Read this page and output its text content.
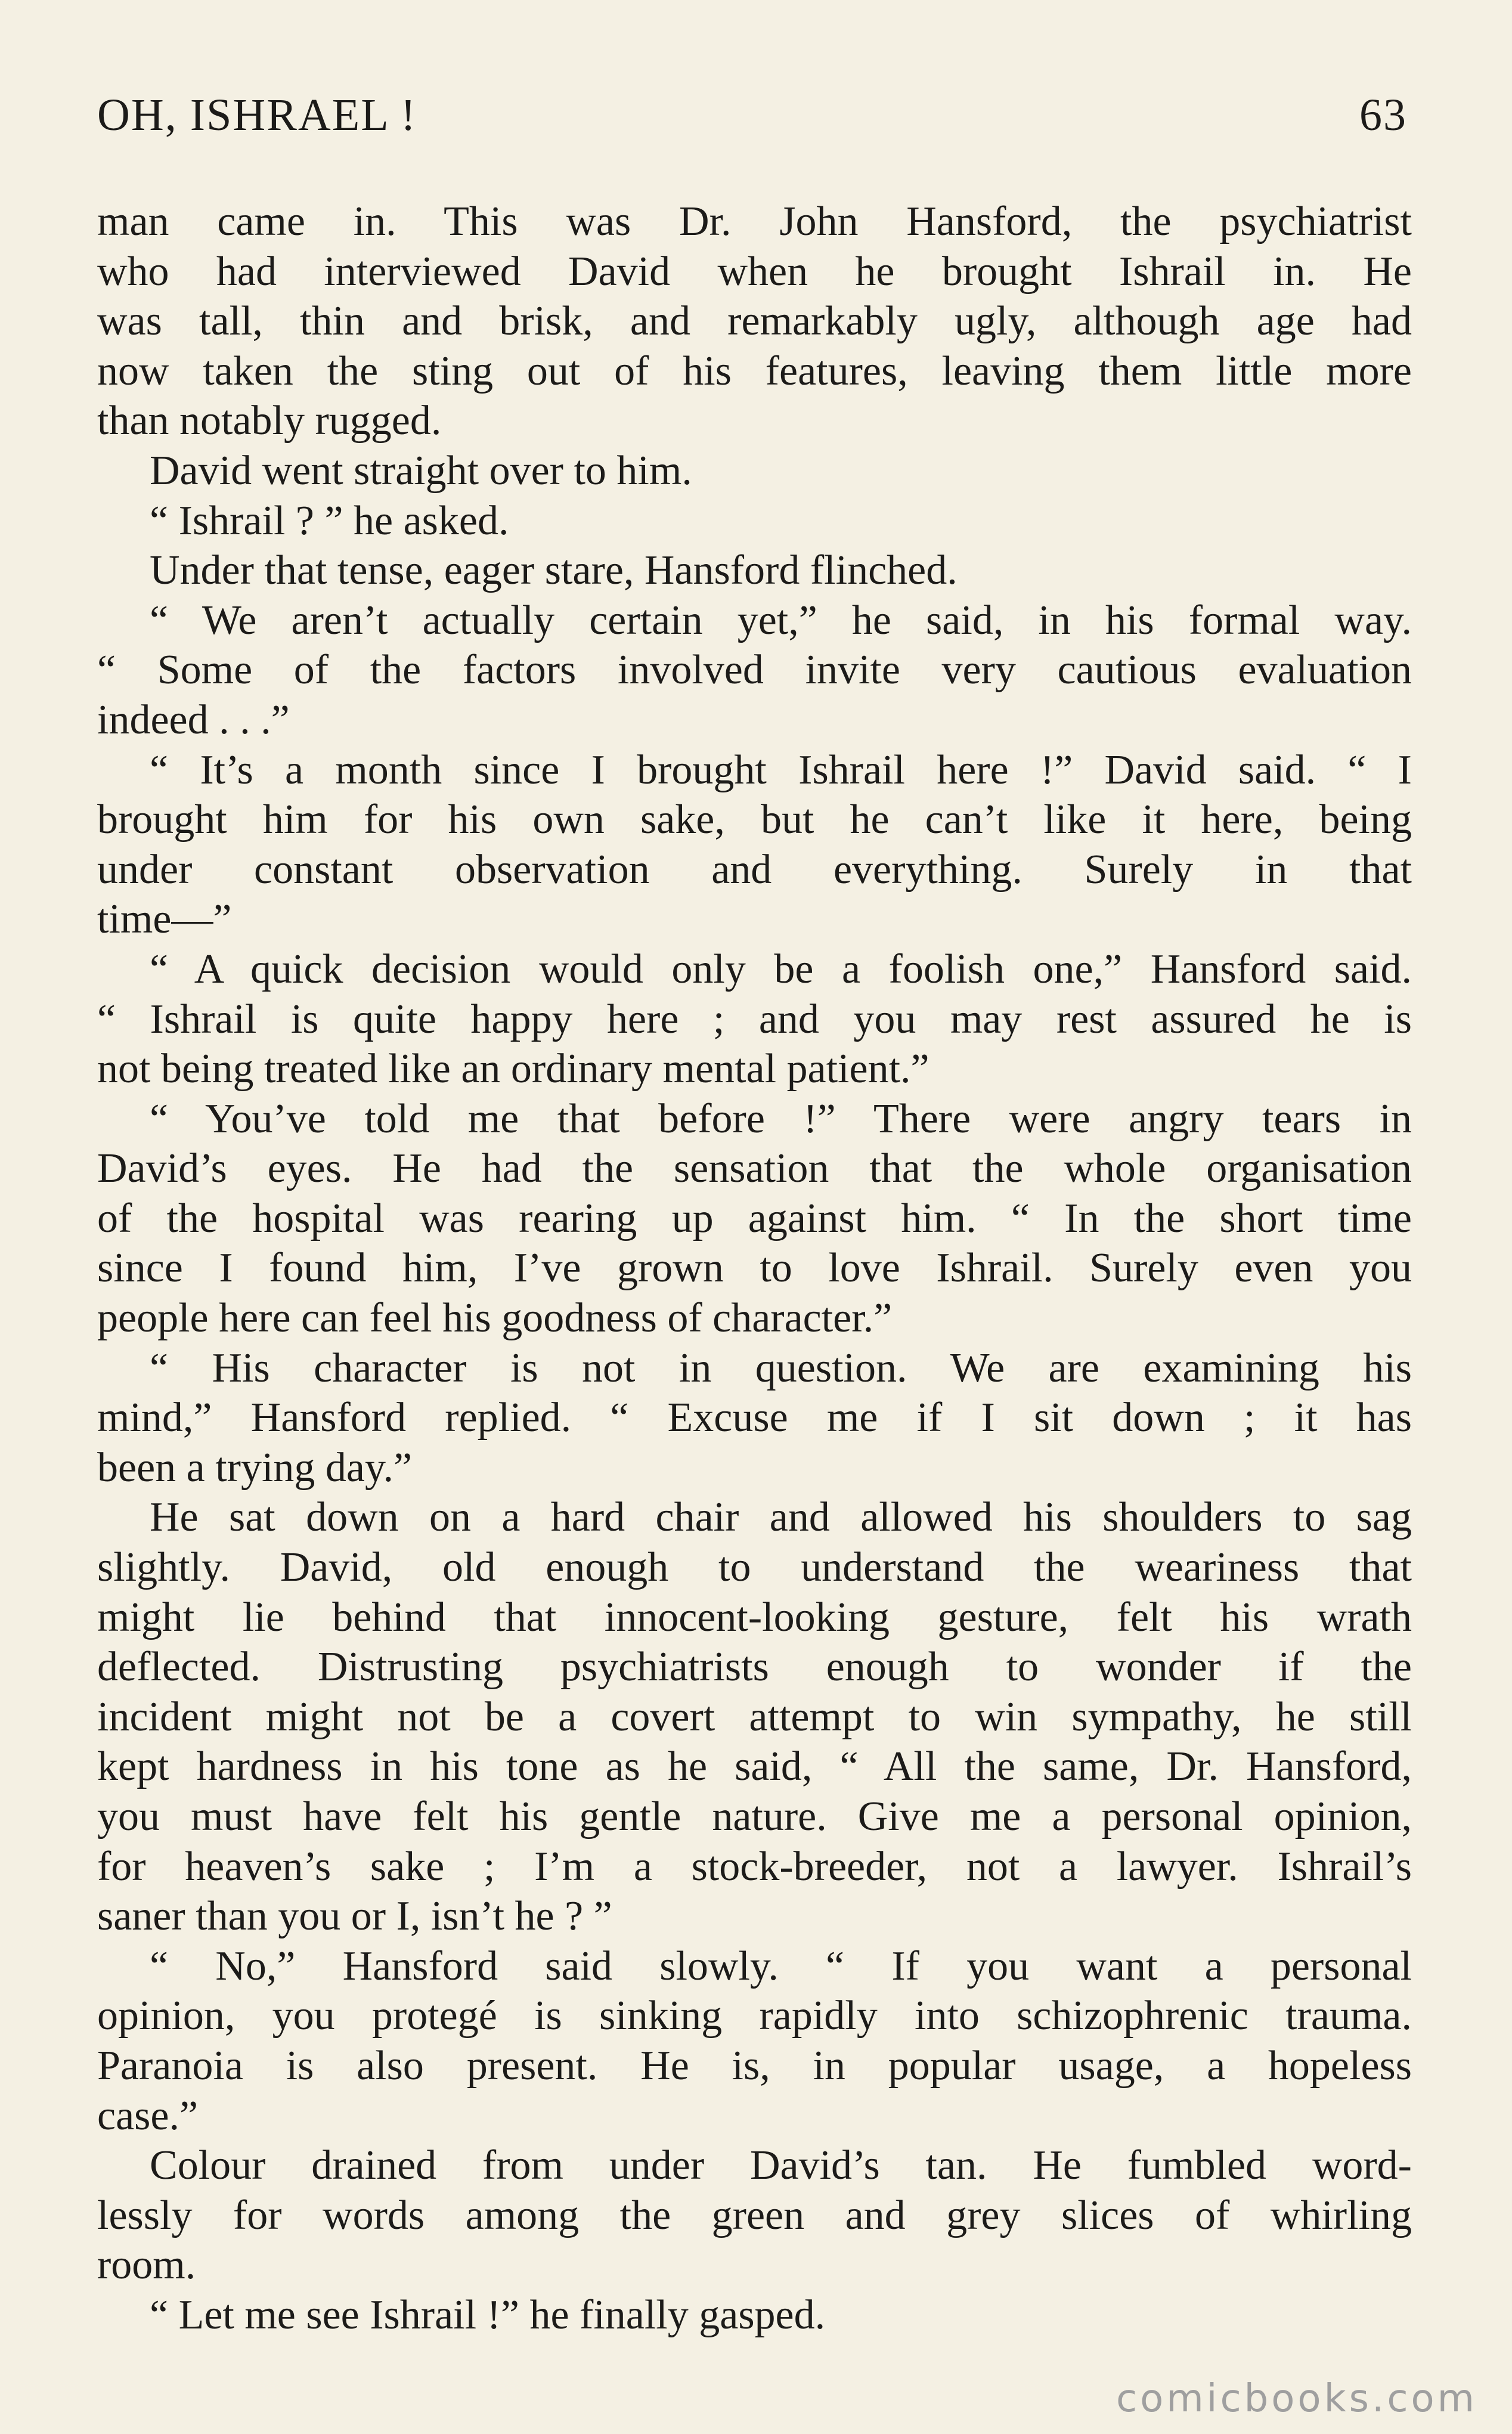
OH, ISHRAEL !	63
man came in. This was Dr. John Hansford, the psychiatrist
who had interviewed David when he brought Ishrail in. He
was tall, thin and brisk, and remarkably ugly, although age had
now taken the sting out of his features, leaving them little more
than notably rugged.
David went straight over to him.
“ Ishrail ? ” he asked.
Under that tense, eager stare, Hansford flinched.
“ We aren’t actually certain yet,” he said, in his formal way.
“ Some of the factors involved invite very cautious evaluation
indeed . . .”
“ It’s a month since I brought Ishrail here !” David said. “ I
brought him for his own sake, but he can’t like it here, being
under constant observation and everything. Surely in that
time—”
“ A quick decision would only be a foolish one,” Hansford said.
“ Ishrail is quite happy here ; and you may rest assured he is
not being treated like an ordinary mental patient.”
“ You’ve told me that before !” There were angry tears in
David’s eyes. He had the sensation that the whole organisation
of the hospital was rearing up against him. “ In the short time
since I found him, I’ve grown to love Ishrail. Surely even you
people here can feel his goodness of character.”
“ His character is not in question. We are examining his
mind,” Hansford replied. “ Excuse me if I sit down ; it has
been a trying day.”
He sat down on a hard chair and allowed his shoulders to sag
slightly. David, old enough to understand the weariness that
might lie behind that innocent-looking gesture, felt his wrath
deflected. Distrusting psychiatrists enough to wonder if the
incident might not be a covert attempt to win sympathy, he still
kept hardness in his tone as he said, “ All the same, Dr. Hansford,
you must have felt his gentle nature. Give me a personal opinion,
for heaven’s sake ; I’m a stock-breeder, not a lawyer. Ishrail’s
saner than you or I, isn’t he ? ”
“ No,” Hansford said slowly. “ If you want a personal
opinion, you protegé is sinking rapidly into schizophrenic trauma.
Paranoia is also present. He is, in popular usage, a hopeless
case.”
Colour drained from under David’s tan. He fumbled word-
lessly for words among the green and grey slices of whirling
room.
“ Let me see Ishrail !” he finally gasped.
comicbooks.com
